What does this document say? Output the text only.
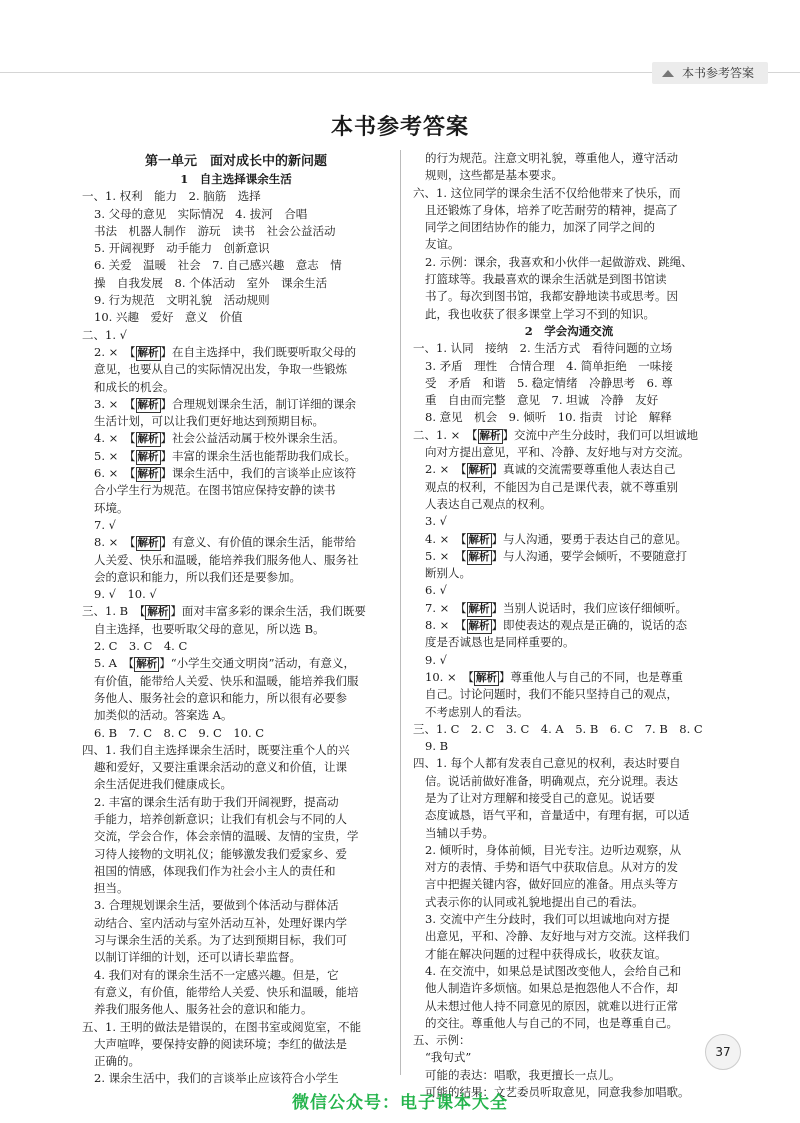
本书参考答案
本书参考答案
第一单元　面对成长中的新问题
1　自主选择课余生活
一、1. 权利　能力　2. 脑筋　选择
3. 父母的意见　实际情况　4. 拔河　合唱
书法　机器人制作　游玩　读书　社会公益活动
5. 开阔视野　动手能力　创新意识
6. 关爱　温暖　社会　7. 自己感兴趣　意志　情
操　自我发展　8. 个体活动　室外　课余生活
9. 行为规范　文明礼貌　活动规则
10. 兴趣　爱好　意义　价值
二、1. √
2. ×　【 解析 】在自主选择中，我们既要听取父母的
意见，也要从自己的实际情况出发，争取一些锻炼
和成长的机会。
3. ×　【 解析 】合理规划课余生活，制订详细的课余
生活计划，可以让我们更好地达到预期目标。
4. ×　【 解析 】社会公益活动属于校外课余生活。
5. ×　【 解析 】丰富的课余生活也能帮助我们成长。
6. ×　【 解析 】课余生活中，我们的言谈举止应该符
合小学生行为规范。在图书馆应保持安静的读书
环境。
7. √
8. ×　【 解析 】有意义、有价值的课余生活，能带给
人关爱、快乐和温暖，能培养我们服务他人、服务社
会的意识和能力，所以我们还是要参加。
9. √　10. √
三、1. B　【 解析 】面对丰富多彩的课余生活，我们既要
自主选择，也要听取父母的意见，所以选 B。
2. C　3. C　4. C
5. A　【 解析 】“小学生交通文明岗”活动，有意义，
有价值，能带给人关爱、快乐和温暖，能培养我们服
务他人、服务社会的意识和能力，所以很有必要参
加类似的活动。答案选 A。
6. B　7. C　8. C　9. C　10. C
四、1. 我们自主选择课余生活时，既要注重个人的兴
趣和爱好，又要注重课余活动的意义和价值，让课
余生活促进我们健康成长。
2. 丰富的课余生活有助于我们开阔视野，提高动
手能力，培养创新意识；让我们有机会与不同的人
交流，学会合作，体会亲情的温暖、友情的宝贵，学
习待人接物的文明礼仪；能够激发我们爱家乡、爱
祖国的情感，体现我们作为社会小主人的责任和
担当。
3. 合理规划课余生活，要做到个体活动与群体活
动结合、室内活动与室外活动互补，处理好课内学
习与课余生活的关系。为了达到预期目标，我们可
以制订详细的计划，还可以请长辈监督。
4. 我们对有的课余生活不一定感兴趣。但是，它
有意义，有价值，能带给人关爱、快乐和温暖，能培
养我们服务他人、服务社会的意识和能力。
五、1. 王明的做法是错误的，在图书室或阅览室，不能
大声喧哗，要保持安静的阅读环境；李红的做法是
正确的。
2. 课余生活中，我们的言谈举止应该符合小学生
的行为规范。注意文明礼貌，尊重他人，遵守活动
规则，这些都是基本要求。
六、1. 这位同学的课余生活不仅给他带来了快乐，而
且还锻炼了身体，培养了吃苦耐劳的精神，提高了
同学之间团结协作的能力，加深了同学之间的
友谊。
2. 示例：课余，我喜欢和小伙伴一起做游戏、跳绳、
打篮球等。我最喜欢的课余生活就是到图书馆读
书了。每次到图书馆，我都安静地读书或思考。因
此，我也收获了很多课堂上学习不到的知识。
2　学会沟通交流
一、1. 认同　接纳　2. 生活方式　看待问题的立场
3. 矛盾　理性　合情合理　4. 简单拒绝　一味接
受　矛盾　和谐　5. 稳定情绪　冷静思考　6. 尊
重　自由而完整　意见　7. 坦诚　冷静　友好
8. 意见　机会　9. 倾听　10. 指责　讨论　解释
二、1. ×　【 解析 】交流中产生分歧时，我们可以坦诚地
向对方提出意见，平和、冷静、友好地与对方交流。
2. ×　【 解析 】真诚的交流需要尊重他人表达自己
观点的权利，不能因为自己是课代表，就不尊重别
人表达自己观点的权利。
3. √
4. ×　【 解析 】与人沟通，要勇于表达自己的意见。
5. ×　【 解析 】与人沟通，要学会倾听，不要随意打
断别人。
6. √
7. ×　【 解析 】当别人说话时，我们应该仔细倾听。
8. ×　【 解析 】即使表达的观点是正确的，说话的态
度是否诚恳也是同样重要的。
9. √
10. ×　【 解析 】尊重他人与自己的不同，也是尊重
自己。讨论问题时，我们不能只坚持自己的观点，
不考虑别人的看法。
三、1. C　2. C　3. C　4. A　5. B　6. C　7. B　8. C
9. B
四、1. 每个人都有发表自己意见的权利，表达时要自
信。说话前做好准备，明确观点，充分说理。表达
是为了让对方理解和接受自己的意见。说话要
态度诚恳，语气平和，音量适中，有理有据，可以适
当辅以手势。
2. 倾听时，身体前倾，目光专注。边听边观察，从
对方的表情、手势和语气中获取信息。从对方的发
言中把握关键内容，做好回应的准备。用点头等方
式表示你的认同或礼貌地提出自己的看法。
3. 交流中产生分歧时，我们可以坦诚地向对方提
出意见，平和、冷静、友好地与对方交流。这样我们
才能在解决问题的过程中获得成长，收获友谊。
4. 在交流中，如果总是试图改变他人，会给自己和
他人制造许多烦恼。如果总是抱怨他人不合作，却
从未想过他人持不同意见的原因，就难以进行正常
的交往。尊重他人与自己的不同，也是尊重自己。
五、示例：
“我句式”
可能的表达：唱歌，我更擅长一点儿。
可能的结果：文艺委员听取意见，同意我参加唱歌。
37
微信公众号：电子课本大全
